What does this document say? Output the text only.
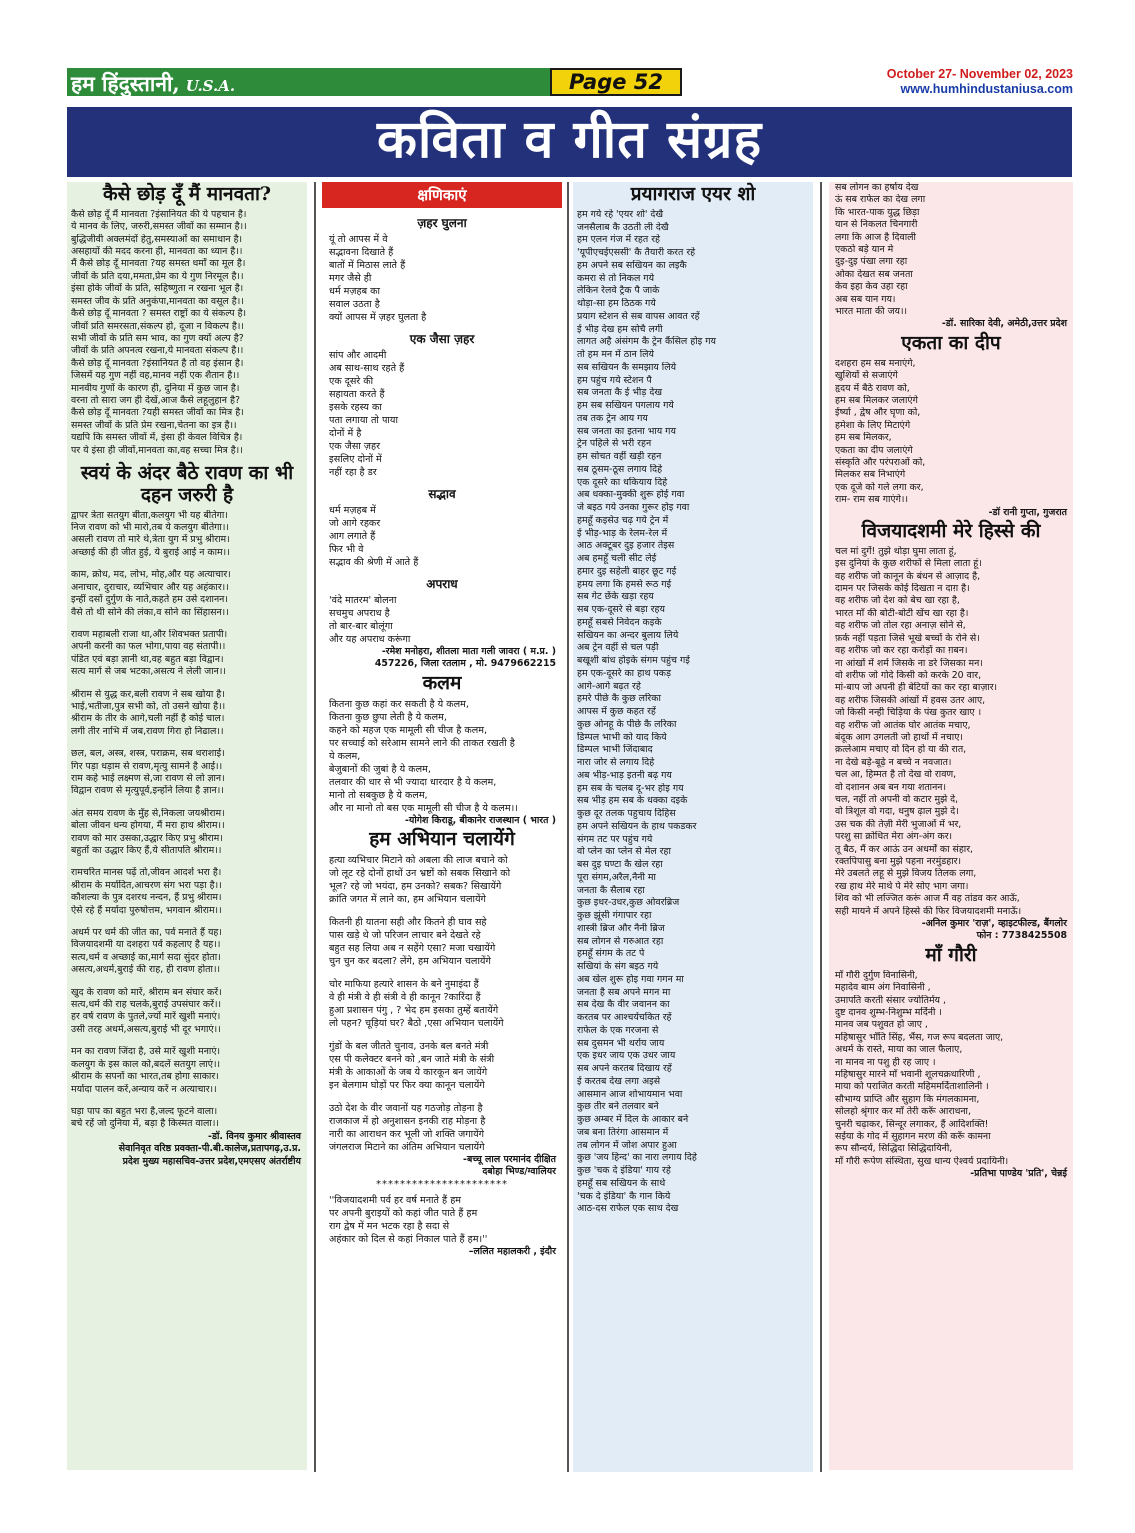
हम हिंदुस्तानी, U.S.A.	Page 52	October 27- November 02, 2023
www.humhindustaniusa.com
कविता व गीत संग्रह
कैसे छोड़ दूँ मैं मानवता?
कैसे छोड़ दूँ मैं मानवता ?इंसानियत की ये पहचान है।
ये मानव के लिए, जरुरी,समस्त जीवों का सम्मान है।।
बुद्धिजीवी अक्लमंदों हेतु,समस्याओं का समाधान है।
असहायों की मदद करना ही, मानवता का ध्यान है।।
मैं कैसे छोड़ दूँ मानवता ?यह समस्त धर्मों का मूल है।
जीवों के प्रति दया,ममता,प्रेम का ये गुण निरमूल है।।
इंसा होके जीवों के प्रति, सहिष्णुता न रखना भूल है।
समस्त जीव के प्रति अनुकंपा,मानवता का वसूल है।।
कैसे छोड़ दूँ मानवता ? समस्त राष्ट्रों का ये संकल्प है।
जीवों प्रति समरसता,संकल्प हो, दूजा न विकल्प है।।
सभी जीवों के प्रति सम भाव, का गुण क्यों अल्प है?
जीवों के प्रति अपनत्व रखना,ये मानवता संकल्प है।।
कैसे छोड़ दूँ मानवता ?इंसानियत है तो वह इंसान है।
जिसमें यह गुण नहीं वह,मानव नहीं एक शैतान है।।
मानवीय गुणों के कारण ही, दुनिया में कुछ जान है।
वरना तो सारा जग ही देखें,आज कैसे लहूलुहान है?
कैसे छोड़ दूँ मानवता ?यही समस्त जीवों का मित्र है।
समस्त जीवों के प्रति प्रेम रखना,चेतना का इत्र है।।
यद्यपि कि समस्त जीवों में, इंसा ही केवल विचित्र है।
पर ये इंसा ही जीवों,मानवता का,वह सच्चा मित्र है।।
स्वयं के अंदर बैठे रावण का भी दहन जरुरी है
द्वापर त्रेता सतयुग बीता,कलयुग भी यह बीतेगा।
निज रावण को भी मारो,तब ये कलयुग बीतेगा।।
असली रावण तो मारे थे,त्रेता युग में प्रभु श्रीराम।
अच्छाई की ही जीत हुई, ये बुराई आई न काम।।
काम, क्रोध, मद, लोभ, मोह,और यह अत्याचार।
अनाचार, दुराचार, व्यभिचार और यह अहंकार।।
इन्हीं दसों दुर्गुण के नाते,कहते हम उसे दशानन।
वैसे तो थी सोने की लंका,व सोने का सिंहासन।।
रावण महाबली राजा था,और शिवभक्त प्रतापी।
अपनी करनी का फल भोगा,पाया वह संतापी।।
पंडित एवं बड़ा ज्ञानी था,वह बहुत बड़ा विद्वान।
सत्य मार्ग से जब भटका,असत्य ने लेली जान।।
श्रीराम से युद्ध कर,बली रावण ने सब खोया है।
भाई,भतीजा,पुत्र सभी को, तो उसने खोया है।।
श्रीराम के तीर के आगे,चली नहीं है कोई चाल।
लगी तीर नाभि में जब,रावण गिरा हो निढाल।।
छल, बल, अस्त्र, शस्त्र, पराक्रम, सब धराशाई।
गिर पड़ा धड़ाम से रावण,मृत्यु सामने है आई।।
राम कहे भाई लक्ष्मण से,जा रावण से लो ज्ञान।
विद्वान रावण से मृत्युपूर्व,इन्होंने लिया है ज्ञान।।
अंत समय रावण के मुँह से,निकला जयश्रीराम।
बोला जीवन धन्य होगया, मैं मरा हाथ श्रीराम।।
रावण को मार उसका,उद्धार किए प्रभु श्रीराम।
बहुतों का उद्धार किए हैं,ये सीतापति श्रीराम।।
रामचरित मानस पढ़ें तो,जीवन आदर्श भरा है।
श्रीराम के मर्यादित,आचरण संग भरा पड़ा है।।
कौशल्या के पुत्र दशरथ नन्दन, हैं प्रभु श्रीराम।
ऐसे रहे हैं मर्यादा पुरुषोत्तम, भगवान श्रीराम।।
अधर्म पर धर्म की जीत का, पर्व मनाते हैं यह।
विजयादशमी या दशहरा पर्व कहलाए है यह।।
सत्य,धर्म व अच्छाई का,मार्ग सदा सुंदर होता।
असत्य,अधर्म,बुराई की राह, ही रावण होता।।
खुद के रावण को मारें, श्रीराम बन संघार करें।
सत्य,धर्म की राह चलके,बुराई उपसंघार करें।।
हर वर्ष रावण के पुतले,ज्यों मारें खुशी मनाएं।
उसी तरह अधर्म,असत्य,बुराई भी दूर भगाएं।।
मन का रावण जिंदा है, उसे मारें खुशी मनाएं।
कलयुग के इस काल को,बदलें सतयुग लाएं।।
श्रीराम के सपनों का भारत,तब होगा साकार।
मर्यादा पालन करें,अन्याय करें न अत्याचार।।
घड़ा पाप का बहुत भरा है,जल्द फूटने वाला।
बचे रहें जो दुनिया में, बड़ा है किस्मत वाला।।
-डॉ. विनय कुमार श्रीवास्तव
सेवानिवृत वरिष्ठ प्रवक्ता-पी.बी.कालेज,प्रतापगढ़,उ.प्र.
प्रदेश मुख्य महासचिव-उत्तर प्रदेश,एमएसए अंतर्राष्टीय
क्षणिकाएं
ज़हर घुलना
यूं तो आपस में वे
सद्भावना दिखाते हैं
बातों में मिठास लाते हैं
मगर जैसे ही
धर्म मज़हब का
सवाल उठता है
क्यों आपस में ज़हर घुलता है
एक जैसा ज़हर
सांप और आदमी
अब साथ-साथ रहते हैं
एक दूसरे की
सहायता करते हैं
इसके रहस्य का
पता लगाया तो पाया
दोनों में है
एक जैसा ज़हर
इसलिए दोनों में
नहीं रहा है डर
सद्भाव
धर्म मज़हब में
जो आगे रहकर
आग लगाते हैं
फिर भी वे
सद्भाव की श्रेणी में आते हैं
अपराध
'वंदे मातरम' बोलना
सचमुच अपराध है
तो बार-बार बोलूंगा
और यह अपराध करूंगा
-रमेश मनोहरा, शीतला माता गली जावरा ( म.प्र. )
457226, जिला रतलाम , मो. 9479662215
कलम
कितना कुछ कहां कर सकती है ये कलम,
कितना कुछ छुपा लेती है ये कलम,
कहने को महज एक मामूली सी चीज है कलम,
पर सच्चाई को सरेआम सामने लाने की ताकत रखती है
ये कलम,
बेजुबानों की जुबां है ये कलम,
तलवार की धार से भी ज्यादा धारदार है ये कलम,
मानो तो सबकुछ है ये कलम,
और ना मानो तो बस एक मामूली सी चीज है ये कलम।।
-योगेश किराडू, बीकानेर राजस्थान ( भारत )
हम अभियान चलायेंगे
हत्या व्यभिचार मिटाने को अबला की लाज बचाने को
जो लूट रहे दोनों हाथों उन भ्रष्टों को सबक सिखाने को
भूल? रहे जो भयंदा, हम उनको? सबक? सिखायेंगे
क्रांति जगत में लाने का, हम अभियान चलायेंगे
कितनी ही यातना सही और कितने ही घाव सहे
पास खड़े थे जो परिजन लाचार बने देखते रहे
बहुत सह लिया अब न सहेंगे एसा? मजा चखायेंगे
चुन चुन कर बदला? लेंगे, हम अभियान चलायेंगे
चोर माफिया हत्यारे शासन के बने नुमाइंदा हैं
वे ही मंत्री वे ही संत्री वे ही कानून ?कारिंदा हैं
हुआ प्रशासन पंगु , ? भेद हम इसका तुम्हें बतायेंगे
लो पहन? चूड़ियां घर? बैठो ,एसा अभियान चलायेंगे
गुंडों के बल जीतते चुनाव, उनके बल बनते मंत्री
एस पी कलेक्टर बनने को ,बन जाते मंत्री के संत्री
मंत्री के आकाओं के जब ये कारकून बन जायेंगे
इन बेलगाम घोड़ों पर फिर क्या कानून चलायेंगे
उठो देश के वीर जवानों यह गठजोड़ तोड़ना है
राजकाज में हो अनुशासन इनकी राह मोड़ना है
नारी का आराधन कर भूली जो शक्ति जगायेंगे
जंगलराज मिटाने का अंतिम अभियान चलायेंगे
-बच्चू लाल परमानंद दीक्षित
दबोहा भिण्ड/ग्वालियर
**********************
''विजयादशमी पर्व हर वर्ष मनाते हैं हम
पर अपनी बुराइयों को कहां जीत पाते हैं हम
राग द्वेष में मन भटक रहा है सदा से
अहंकार को दिल से कहां निकाल पाते हैं हम।''
–ललित महालकरी , इंदौर
प्रयागराज एयर शो
हम गये रहे 'एयर शो' देखै
जनसैलाब कै उठती ली देखै
हम एलन गंज में रहत रहे
'यूपीएचईएससी' कै तैयारी करत रहे
हम अपने सब सखियन का लइकै
कमरा से तो निकल गये
लेकिन रेलवे ट्रैक पै जाके
थोड़ा-सा हम ठिठक गये
प्रयाग स्टेशन से सब वापस आवत रहें
ई भीड़ देख हम सोचै लगी
लागत अहै अंसंगम कै ट्रेन कैंसिल होइ गय
तो हम मन में ठान लिये
सब सखियन कै समझाय लिये
हम पहुंच गये स्टेशन पै
सब जनता कै ई भीड़ देख
हम सब सखियन पगलाय गये
तब तक ट्रेन आय गय
सब जनता का इतना भाय गय
ट्रेन पहिले से भरी रहन
हम सोचत वहीं खड़ी रहन
सब ठूसम-ठूस लगाय दिहे
एक दूसरे का धकियाय दिहे
अब धक्का-मुक्की शुरू होई गवा
जे बइठ गये उनका गुरूर होइ गवा
हमहूँ कइसेउ चढ़ गये ट्रेन में
ई भीड़-भाड़ के रेलम-रेल में
आठ अक्टूबर दुइ हजार तेइस
अब हमहूँ चली सीट लेई
हमार दुइ सहेली बाहर छूट गई
हमय लगा कि हमसे रूठ गई
सब गेट छेंके खड़ा रहय
सब एक-दूसरे से बड़ा रहय
हमहूँ सबसे निवेदन कइके
सखियन का अन्दर बुलाय लिये
अब ट्रेन वहीं से चल पड़ी
बखूशी बांध होइके संगम पहुंच गई
हम एक-दूसरे का हाथ पकड़
आगे-आगे बढ़त रहे
हमरे पीछे कै कुछ लरिका
आपस में कुछ कहत रहें
कुछ ओनहू के पीछे कै लरिका
डिम्पल भाभी को याद किये
डिम्पल भाभी जिंदाबाद
नारा जोर से लगाय दिहे
अब भीड़-भाड़ इतनी बढ़ गय
हम सब के चलब दू-भर होइ गय
सब भीड़ हम सब के धक्का दइके
कुछ दूर तलक पहुचाय दिहिस
हम अपने सखियन के हाथ पकडकर
संगम तट पर पहुंच गये
वो प्लेन का प्लेन से मेल रहा
बस दुइ घण्टा कै खेल रहा
पूरा संगम,अरैल,नैनी मा
जनता कै सैलाब रहा
कुछ इधर-उधर,कुछ ओवरब्रिज
कुछ झूंसी गंगापार रहा
शास्त्री ब्रिज और नैनी ब्रिज
सब लोगन से गरुआत रहा
हमहूँ संगम के तट पे
सखियां के संग बइठ गये
अब खेल शुरू होइ गवा गगन मा
जनता है सब अपने मगन मा
सब देख कै वीर जवानन का
करतब पर आश्चर्यचकित रहें
राफेल के एक गरजना से
सब दुसमन भी थर्राय जाय
एक इधर जाय एक उधर जाय
सब अपने करतब दिखाय रहें
ई करतब देख लगा अइसे
आसमान आज शोभायमान भवा
कुछ तीर बने तलवार बने
कुछ अम्बर में दिल के आकार बने
जब बना तिरंगा आसमान में
तब लोगन में जोश अपार हुआ
कुछ 'जय हिन्द' का नारा लगाय दिहे
कुछ 'चक दे इंडिया' गाय रहे
हमहूँ सब सखियन के साथे
'चक दे इंडिया' कै गान किये
आठ-दस राफेल एक साथ देख
सब लोगन का हर्षाय देख
ऊं सब राफेल का देख लगा
कि भारत-पाक युद्ध छिड़ा
यान से निकलत चिनगारी
लगा कि आज है दिवाली
एकठो बड़े यान मे
दुइ-दुइ पंखा लगा रहा
ओका देखत सब जनता
केव इहा केव उहा रहा
अब सब यान गय।
भारत माता की जय।।
-डॉ. सारिका देवी, अमेठी,उत्तर प्रदेश
एकता का दीप
दशहरा हम सब मनाएंगे,
खुशियों से सजाएंगे
हृदय में बैठे रावण को,
हम सब मिलकर जलाएंगे
ईर्ष्या , द्वेष और घृणा को,
हमेशा के लिए मिटाएंगे
हम सब मिलकर,
एकता का दीप जलाएंगे
संस्कृति और परंपराओं को,
मिलकर सब निभाएंगे
एक दूजे को गले लगा कर,
राम- राम सब गाएंगे।।
-डॉ रानी गुप्ता, गुजरात
विजयादशमी मेरे हिस्से की
चल मां दुर्गे! तुझे थोड़ा घुमा लाता हूं,
इस दुनियां के कुछ शरीफों से मिला लाता हूं।
वह शरीफ जो कानून के बंधन से आज़ाद है,
दामन पर जिसके कोई दिखता न दाग़ है।
वह शरीफ जो देश को बेच खा रहा है,
भारत माँ की बोटी-बोटी खेंच खा रहा है।
वह शरीफ जो तोल रहा अनाज़ सोने से,
फ़र्क नहीं पड़ता जिसे भूखे बच्चों के रोने से।
वह शरीफ जो कर रहा करोड़ों का ग़बन।
ना आंखों में शर्म जिसके ना डरे जिसका मन।
वो शरीफ जो गोदे किसी को करके 20 वार,
मां-बाप जो अपनी ही बेटियों का कर रहा बाज़ार।
वह शरीफ जिसकी आंखों में हवस उतर आए,
जो किसी नन्ही चिड़िया के पंख कुतर खाए ।
वह शरीफ जो आतंक घोर आतंक मचाए,
बंदूक आग उगलती जो हाथों में नचाए।
क़त्लेआम मचाए वो दिन हो या की रात,
ना देखे बड़े-बूढ़े न बच्चे न नवजात।
चल आ, हिम्मत है तो देख वो रावण,
वो दशानन अब बन गया शतानन।
चल, नहीं तो अपनी वो कटार मुझे दे,
वो त्रिशूल वो गदा, धनुष ढ़ाल मुझे दे।
उस चक की तेज़ी मेरी भुजाओं में भर,
परशु सा क्रोधित मेरा अंग-अंग कर।
तू बैठ, मैं कर आऊं उन अधर्मों का संहार,
रक्तपिपासु बना मुझे पहना नरमुंडहार।
मेरे उबलते लहू से मुझे विजय तिलक लगा,
रख हाथ मेरे माथे पे मेरे सोए भाग जगा।
शिव को भी लज्जित करूं आज मैं वह तांडव कर आऊँ,
सही मायने में अपने हिस्से की फिर विजयादशमी मनाऊँ।
-अनिल कुमार 'राज़', व्हाइटफील्ड, बैंगलोर
फोन : 7738425508
माँ गौरी
माँ गौरी दुर्गुण विनासिनी,
महादेव बाम अंग निवासिनी ,
उमापति करती संसार ज्योतिर्मय ,
दुष्ट दानव शुम्भ-निशुम्भ मर्दिनी ।
मानव जब पशुवत हो जाए ,
महिषासुर भाँति सिंह, भैंस, गज रूप बदलता जाए,
अधर्म के रास्ते, माया का जाल फैलाए,
ना मानव ना पशु ही रह जाए ।
महिषासुर मारने माँ भवानी शूलचक्रधारिणी ,
माया को पराजित करती महिममर्दिताशालिनी ।
सौभाग्य प्राप्ति और सुहाग कि मंगलकामना,
सोलहो श्रृंगार कर माँ तेरी करूँ आराधना,
चुनरी चढ़ाकर, सिन्दूर लगाकर, हैं आदिशक्ति!
सईया के गोद में सुहागन मरण की करूँ कामना
रूप सौन्दर्य, सिद्धिदा सिद्धिदायिनी,
माँ गौरी रूपेण संस्थिता, सुख धान्य ऐश्वर्य प्रदायिनी।
-प्रतिभा पाण्डेय 'प्रति', चेन्नई
